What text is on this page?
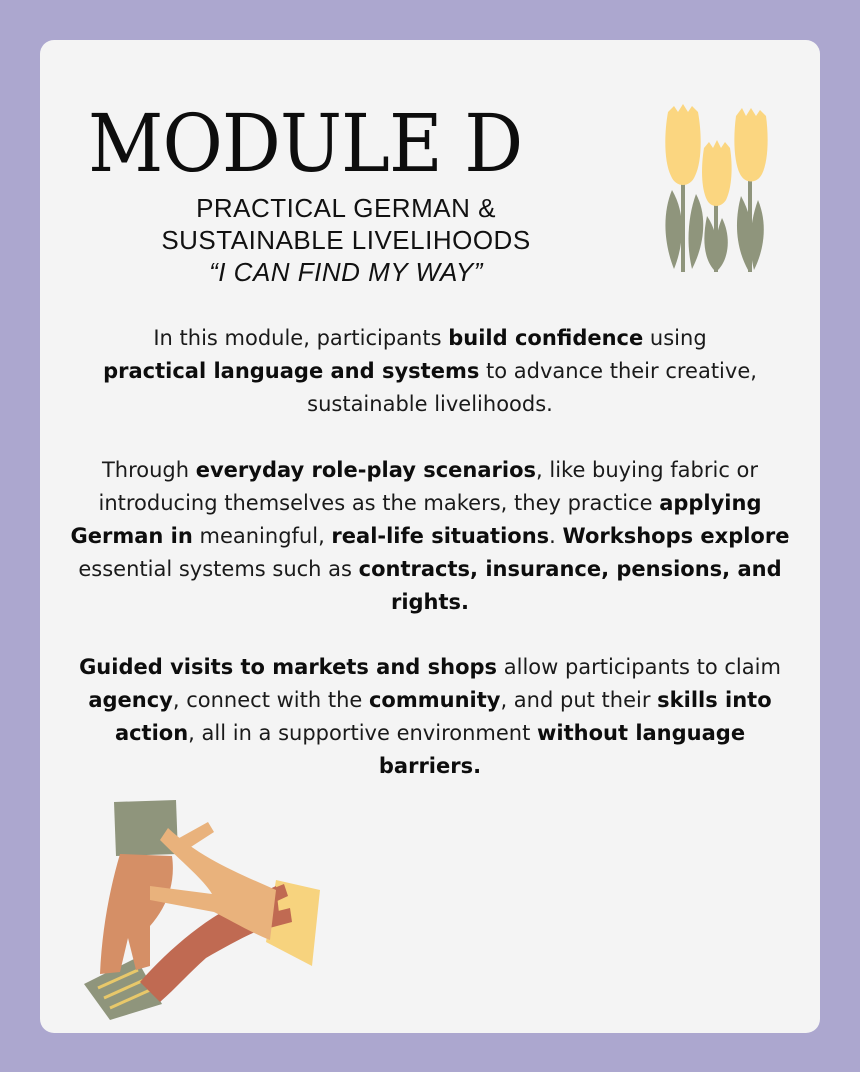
MODULE D
PRACTICAL GERMAN &
SUSTAINABLE LIVELIHOODS
“I CAN FIND MY WAY”

In this module, participants build confidence using
practical language and systems to advance their creative, sustainable livelihoods.

Through everyday role-play scenarios, like buying fabric or introducing themselves as the makers, they practice applying German in meaningful, real-life situations. Workshops explore essential systems such as contracts, insurance, pensions, and rights.

Guided visits to markets and shops allow participants to claim agency, connect with the community, and put their skills into action, all in a supportive environment without language barriers.
